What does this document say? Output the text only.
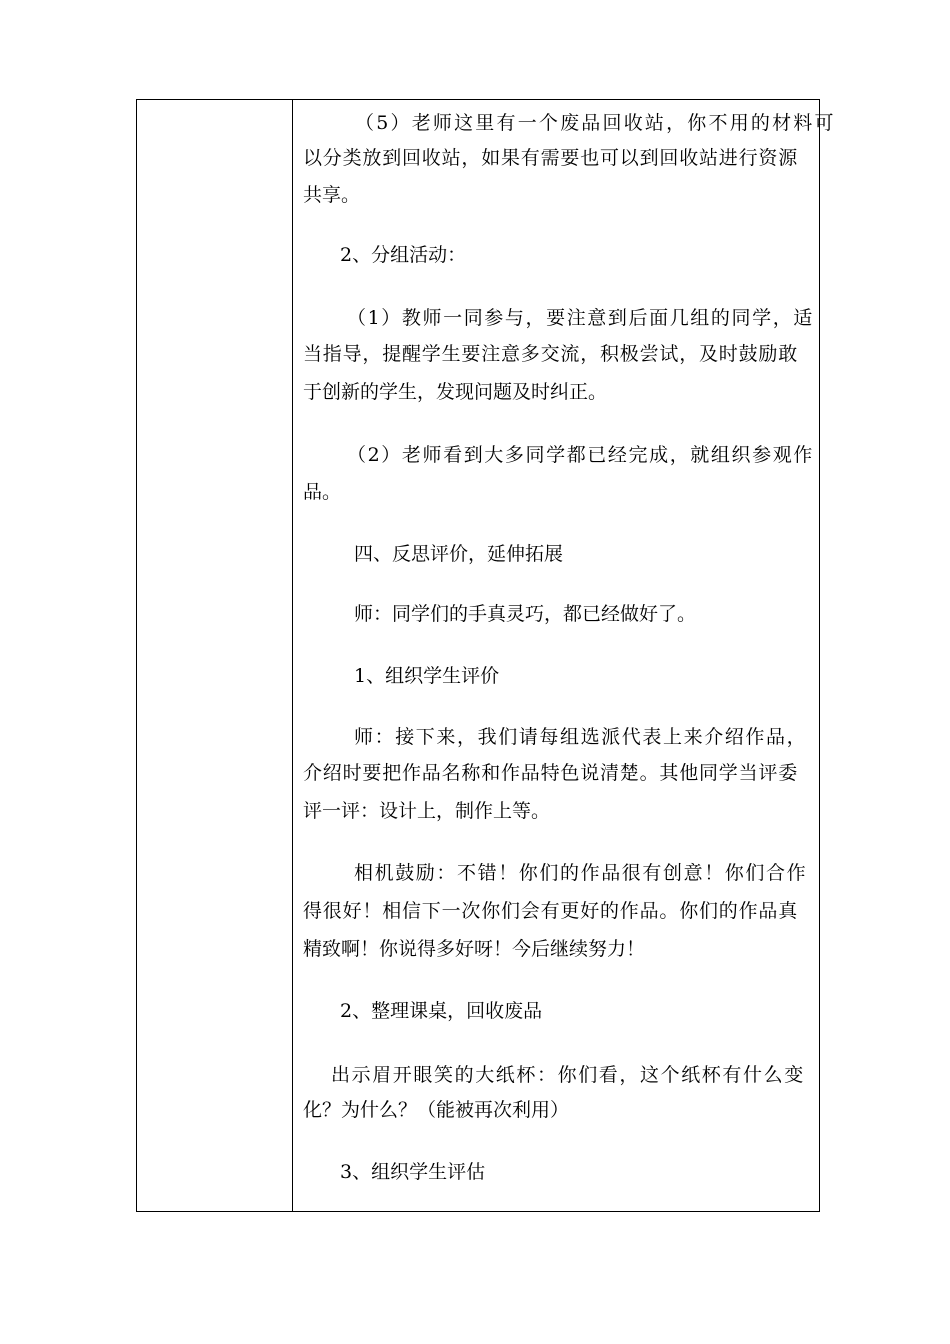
（5）老师这里有一个废品回收站，你不用的材料可
以分类放到回收站，如果有需要也可以到回收站进行资源
共享。
2、分组活动：
（1）教师一同参与，要注意到后面几组的同学，适
当指导，提醒学生要注意多交流，积极尝试，及时鼓励敢
于创新的学生，发现问题及时纠正。
（2）老师看到大多同学都已经完成，就组织参观作
品。
四、反思评价，延伸拓展
师：同学们的手真灵巧，都已经做好了。
1、组织学生评价
师：接下来，我们请每组选派代表上来介绍作品，
介绍时要把作品名称和作品特色说清楚。其他同学当评委
评一评：设计上，制作上等。
相机鼓励：不错！你们的作品很有创意！你们合作
得很好！相信下一次你们会有更好的作品。你们的作品真
精致啊！你说得多好呀！今后继续努力！
2、整理课桌，回收废品
出示眉开眼笑的大纸杯：你们看，这个纸杯有什么变
化？为什么？（能被再次利用）
3、组织学生评估
